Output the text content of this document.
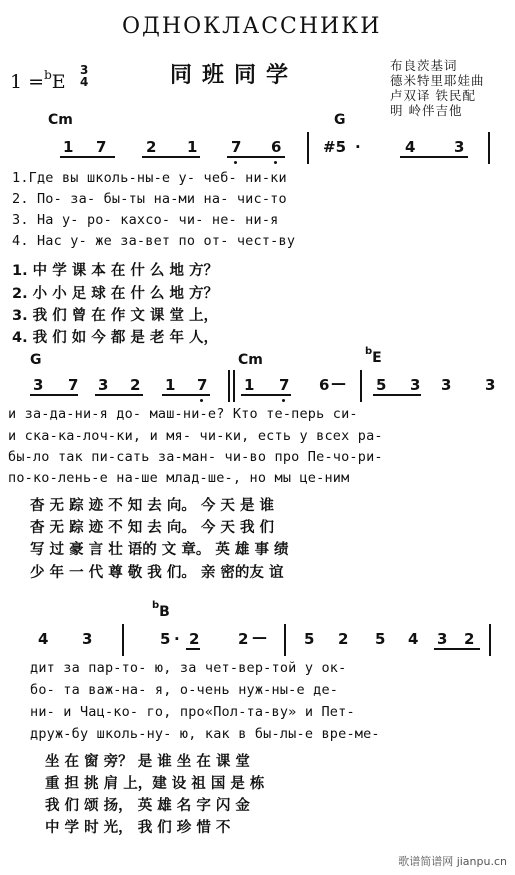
ОДНОКЛАССНИКИ
同班同学	布良茨基词
德米特里耶娃曲
卢双译 铁民配
明 岭伴吉他
1 =$^b$E
3
4
Cm	G
1 7	2 1 7 6	#5 ·	4	3
1.Где вы школь-ны-е у- чеб- ни-ки
2. По- за- бы-ты на-ми на- чис-то
3. На у- ро- кахсо- чи- не- ни-я
4. Нас у- же за-вет по от- чест-ву
1. 中 学 课 本 在 什 么 地 方？
2. 小 小 足 球 在 什 么 地 方？
3. 我 们 曾 在 作 文 课 堂 上，
4. 我 们 如 今 都 是 老 年 人，
G	Cm
$^b$E
3 7 3 2 1 7 1 7 6 — 5 3 3 3
и за-да-ни-я до- маш-ни-е? Кто те-перь си-
и ска-ка-лоч-ки, и мя- чи-ки, есть у всех ра-
бы-ло так пи-сать за-ман- чи-во про Пе-чо-ри-
по-ко-лень-е на-ше млад-ше-, но мы це-ним
杳 无 踪 迹 不 知 去 向。 今 天 是 谁
杳 无 踪 迹 不 知 去 向。 今 天 我 们
写 过 豪 言 壮 语的 文 章。 英 雄 事 绩
少 年 一 代 尊 敬 我 们。 亲 密的友 谊
$^b$B
4 3	5 · 2	2 — 5 2 5 4 3 2
дит за пар-то- ю, за чет-вер-той у ок-
бо- та важ-на- я, о-чень нуж-ны-е де-
ни- и Чац-ко- го, про«Пол-та-ву» и Пет-
друж-бу школь-ну- ю, как в бы-лы-е вре-ме-
坐 在 窗 旁？ 是 谁 坐 在 课 堂
重 担 挑 肩 上，建 设 祖 国 是 栋
我 们 颂 扬， 英 雄 名 字 闪 金
中 学 时 光， 我 们 珍 惜 不
歌谱简谱网 jianpu.cn
